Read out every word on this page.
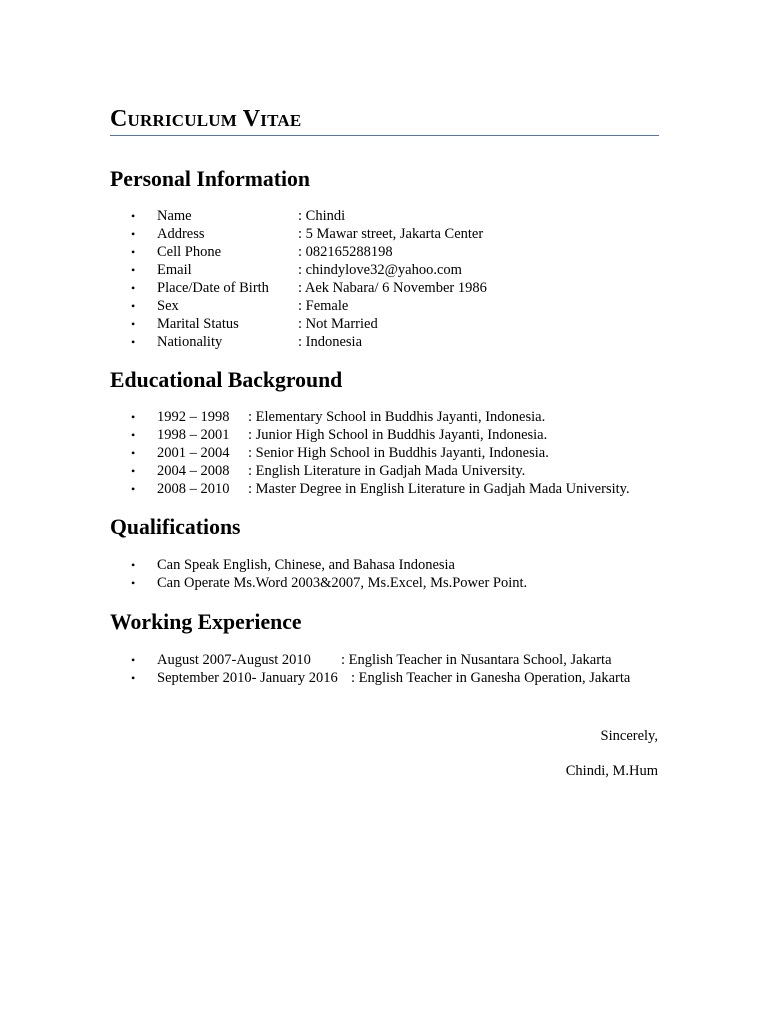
Curriculum Vitae
Personal Information
• Name	: Chindi
• Address	: 5 Mawar street, Jakarta Center
• Cell Phone	: 082165288198
• Email	: chindylove32@yahoo.com
• Place/Date of Birth : Aek Nabara/ 6 November 1986
• Sex	: Female
• Marital Status	: Not Married
• Nationality	: Indonesia
Educational Background
• 1992 – 1998 : Elementary School in Buddhis Jayanti, Indonesia.
• 1998 – 2001 : Junior High School in Buddhis Jayanti, Indonesia.
• 2001 – 2004 : Senior High School in Buddhis Jayanti, Indonesia.
• 2004 – 2008 : English Literature in Gadjah Mada University.
• 2008 – 2010 : Master Degree in English Literature in Gadjah Mada University.
Qualifications
• Can Speak English, Chinese, and Bahasa Indonesia
• Can Operate Ms.Word 2003&2007, Ms.Excel, Ms.Power Point.
Working Experience
• August 2007-August 2010 : English Teacher in Nusantara School, Jakarta
• September 2010- January 2016 : English Teacher in Ganesha Operation, Jakarta
Sincerely,
Chindi, M.Hum
